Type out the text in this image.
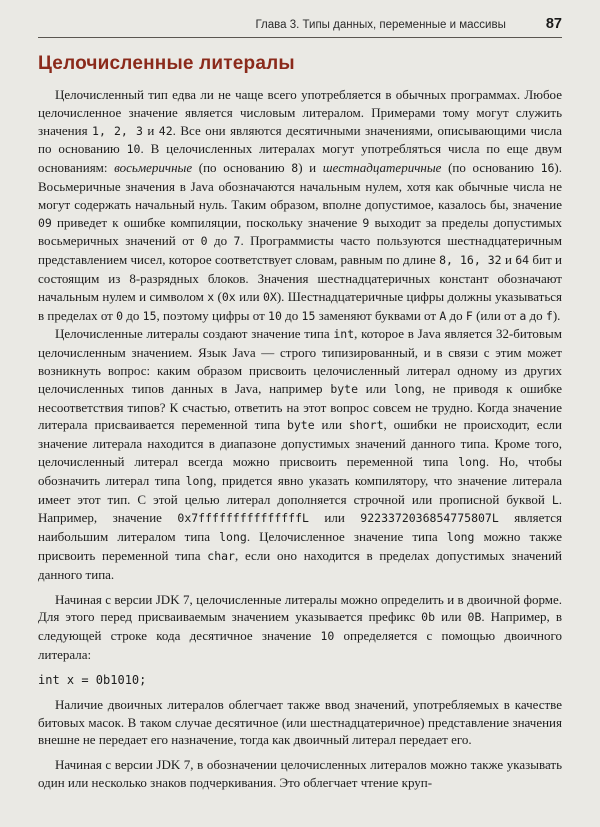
Глава 3. Типы данных, переменные и массивы	87
Целочисленные литералы

Целочисленный тип едва ли не чаще всего употребляется в обычных программах. Любое целочисленное значение является числовым литералом. Примерами тому могут служить значения 1, 2, 3 и 42. Все они являются десятичными значениями, описывающими числа по основанию 10. В целочисленных литералах могут употребляться числа по еще двум основаниям: восьмеричные (по основанию 8) и шестнадцатеричные (по основанию 16). Восьмеричные значения в Java обозначаются начальным нулем, хотя как обычные числа не могут содержать начальный нуль. Таким образом, вполне допустимое, казалось бы, значение 09 приведет к ошибке компиляции, поскольку значение 9 выходит за пределы допустимых восьмеричных значений от 0 до 7. Программисты часто пользуются шестнадцатеричным представлением чисел, которое соответствует словам, равным по длине 8, 16, 32 и 64 бит и состоящим из 8-разрядных блоков. Значения шестнадцатеричных констант обозначают начальным нулем и символом x (0x или 0X). Шестнадцатеричные цифры должны указываться в пределах от 0 до 15, поэтому цифры от 10 до 15 заменяют буквами от A до F (или от a до f).

Целочисленные литералы создают значение типа int, которое в Java является 32-битовым целочисленным значением. Язык Java — строго типизированный, и в связи с этим может возникнуть вопрос: каким образом присвоить целочисленный литерал одному из других целочисленных типов данных в Java, например byte или long, не приводя к ошибке несоответствия типов? К счастью, ответить на этот вопрос совсем не трудно. Когда значение литерала присваивается переменной типа byte или short, ошибки не происходит, если значение литерала находится в диапазоне допустимых значений данного типа. Кроме того, целочисленный литерал всегда можно присвоить переменной типа long. Но, чтобы обозначить литерал типа long, придется явно указать компилятору, что значение литерала имеет этот тип. С этой целью литерал дополняется строчной или прописной буквой L. Например, значение 0x7fffffffffffffffL или 9223372036854775807L является наибольшим литералом типа long. Целочисленное значение типа long можно также присвоить переменной типа char, если оно находится в пределах допустимых значений данного типа.

Начиная с версии JDK 7, целочисленные литералы можно определить и в двоичной форме. Для этого перед присваиваемым значением указывается префикс 0b или 0B. Например, в следующей строке кода десятичное значение 10 определяется с помощью двоичного литерала:

int x = 0b1010;

Наличие двоичных литералов облегчает также ввод значений, употребляемых в качестве битовых масок. В таком случае десятичное (или шестнадцатеричное) представление значения внешне не передает его назначение, тогда как двоичный литерал передает его.

Начиная с версии JDK 7, в обозначении целочисленных литералов можно также указывать один или несколько знаков подчеркивания. Это облегчает чтение круп-
